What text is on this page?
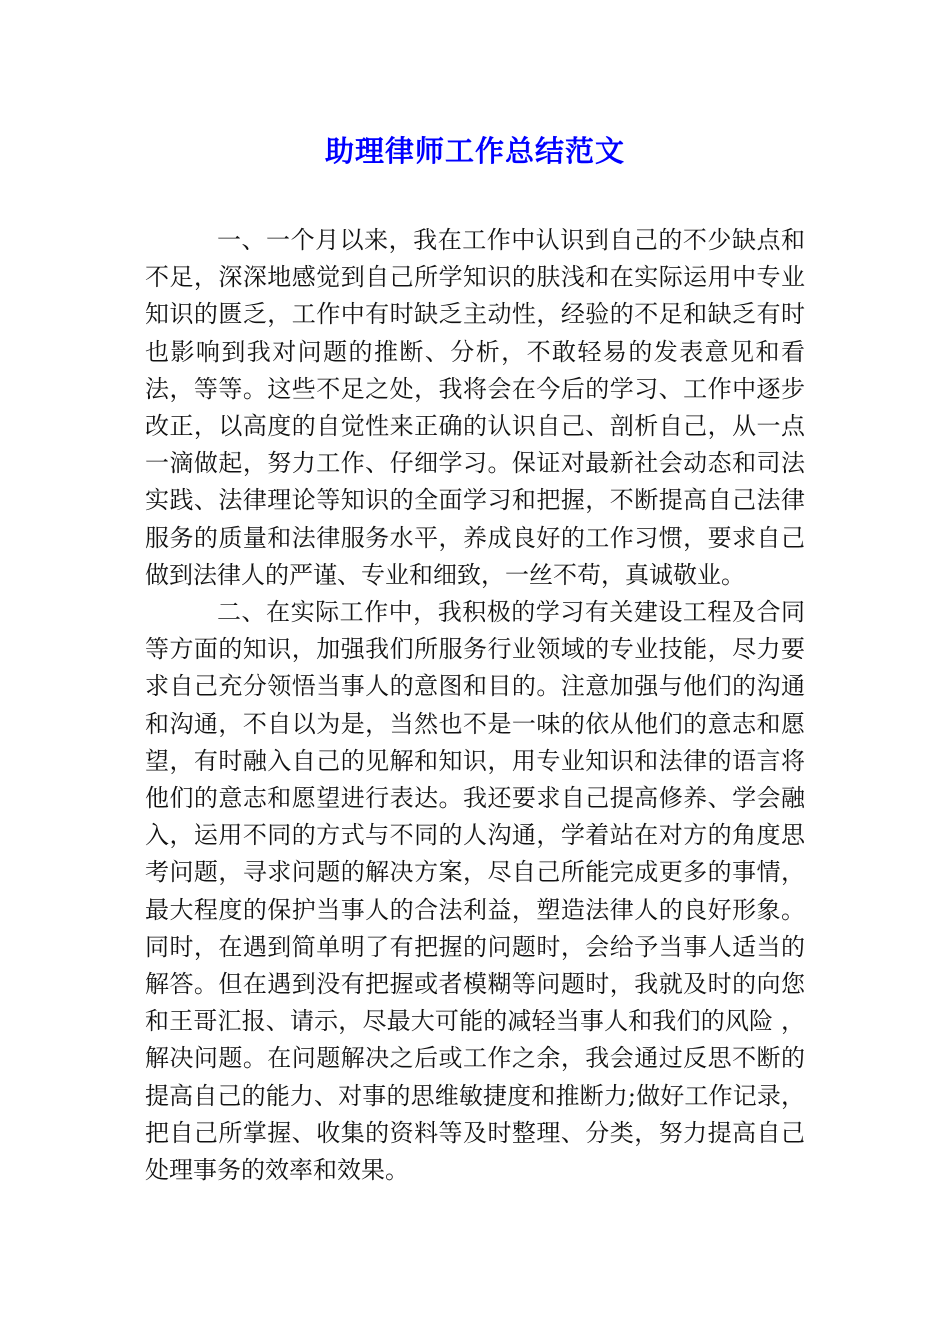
助理律师工作总结范文

一、一个月以来，我在工作中认识到自己的不少缺点和不足，深深地感觉到自己所学知识的肤浅和在实际运用中专业知识的匮乏，工作中有时缺乏主动性，经验的不足和缺乏有时也影响到我对问题的推断、分析，不敢轻易的发表意见和看法，等等。这些不足之处，我将会在今后的学习、工作中逐步改正，以高度的自觉性来正确的认识自己、剖析自己，从一点一滴做起，努力工作、仔细学习。保证对最新社会动态和司法实践、法律理论等知识的全面学习和把握，不断提高自己法律服务的质量和法律服务水平，养成良好的工作习惯，要求自己做到法律人的严谨、专业和细致，一丝不苟，真诚敬业。

二、在实际工作中，我积极的学习有关建设工程及合同等方面的知识，加强我们所服务行业领域的专业技能，尽力要求自己充分领悟当事人的意图和目的。注意加强与他们的沟通和沟通，不自以为是，当然也不是一味的依从他们的意志和愿望，有时融入自己的见解和知识，用专业知识和法律的语言将他们的意志和愿望进行表达。我还要求自己提高修养、学会融入，运用不同的方式与不同的人沟通，学着站在对方的角度思考问题，寻求问题的解决方案，尽自己所能完成更多的事情，最大程度的保护当事人的合法利益，塑造法律人的良好形象。同时，在遇到简单明了有把握的问题时，会给予当事人适当的解答。但在遇到没有把握或者模糊等问题时，我就及时的向您和王哥汇报、请示，尽最大可能的减轻当事人和我们的风险 ，解决问题。在问题解决之后或工作之余，我会通过反思不断的提高自己的能力、对事的思维敏捷度和推断力;做好工作记录，把自己所掌握、收集的资料等及时整理、分类，努力提高自己处理事务的效率和效果。
